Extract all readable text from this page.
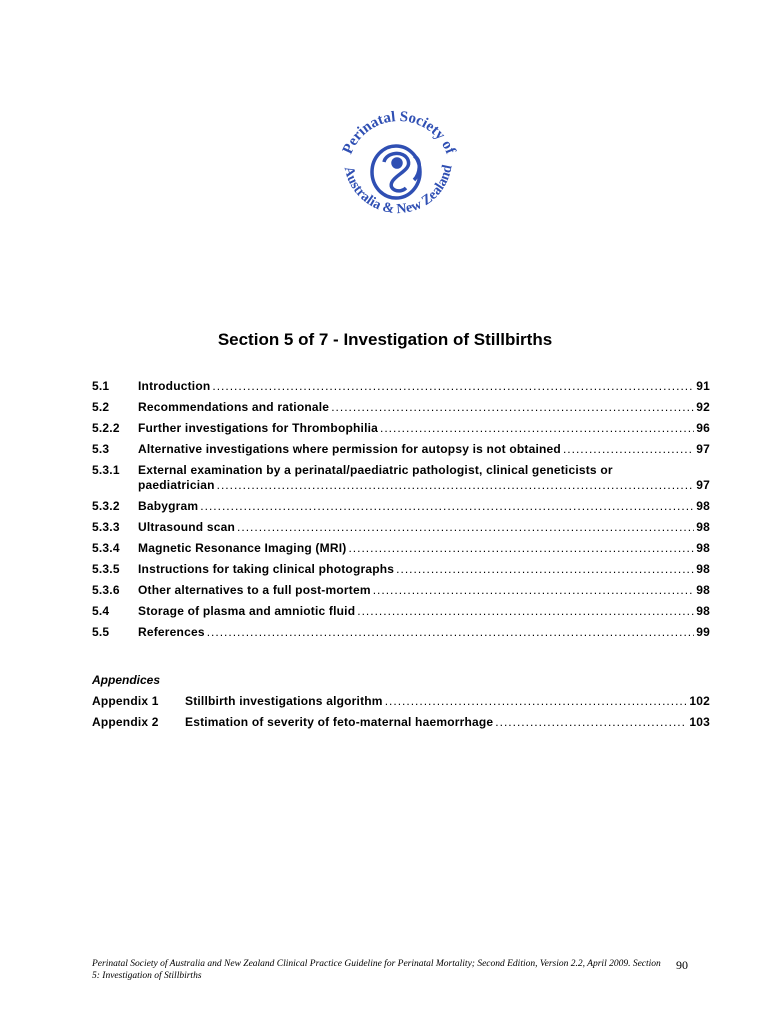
Perinatal Society of
Australia & New Zealand
Section 5 of 7 - Investigation of Stillbirths
5.1	Introduction .....	91
5.2	Recommendations and rationale .....	92
5.2.2	Further investigations for Thrombophilia .....	96
5.3	Alternative investigations where permission for autopsy is not obtained .....	97
5.3.1	External examination by a perinatal/paediatric pathologist, clinical geneticists or
paediatrician .....	97
5.3.2	Babygram .....	98
5.3.3	Ultrasound scan .....	98
5.3.4	Magnetic Resonance Imaging (MRI) .....	98
5.3.5	Instructions for taking clinical photographs .....	98
5.3.6	Other alternatives to a full post-mortem .....	98
5.4	Storage of plasma and amniotic fluid .....	98
5.5	References .....	99
Appendices
Appendix 1	Stillbirth investigations algorithm .....	102
Appendix 2	Estimation of severity of feto-maternal haemorrhage .....	103
Perinatal Society of Australia and New Zealand Clinical Practice Guideline for Perinatal Mortality; Second Edition, Version 2.2, April 2009. Section 5: Investigation of Stillbirths
90
